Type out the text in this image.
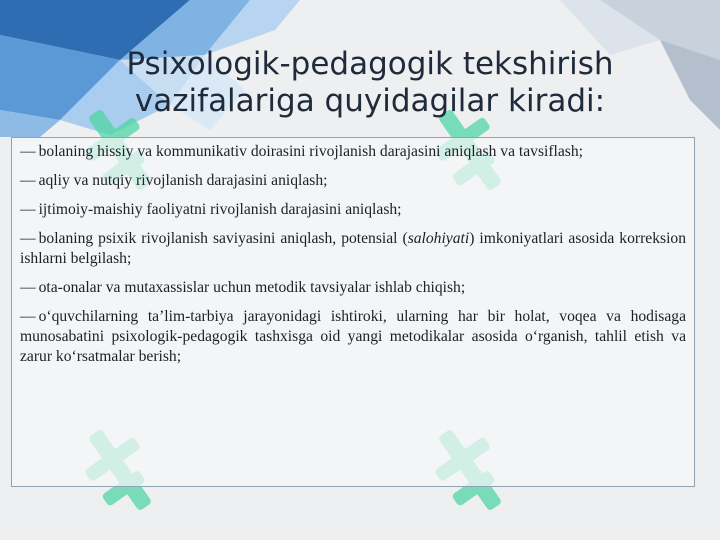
Psixologik-pedagogik tekshirish vazifalariga quyidagilar kiradi:
— bolaning hissiy va kommunikativ doirasini rivojlanish darajasini aniqlash va tavsiflash;
— aqliy va nutqiy rivojlanish darajasini aniqlash;
— ijtimoiy-maishiy faoliyatni rivojlanish darajasini aniqlash;
— bolaning psixik rivojlanish saviyasini aniqlash, potensial (salohiyati) imkoniyatlari asosida korreksion ishlarni belgilash;
— ota-onalar va mutaxassislar uchun metodik tavsiyalar ishlab chiqish;
— o‘quvchilarning ta’lim-tarbiya jarayonidagi ishtiroki, ularning har bir holat, voqea va hodisaga munosabatini psixologik-pedagogik tashxisga oid yangi metodikalar asosida o‘rganish, tahlil etish va zarur ko‘rsatmalar berish;
